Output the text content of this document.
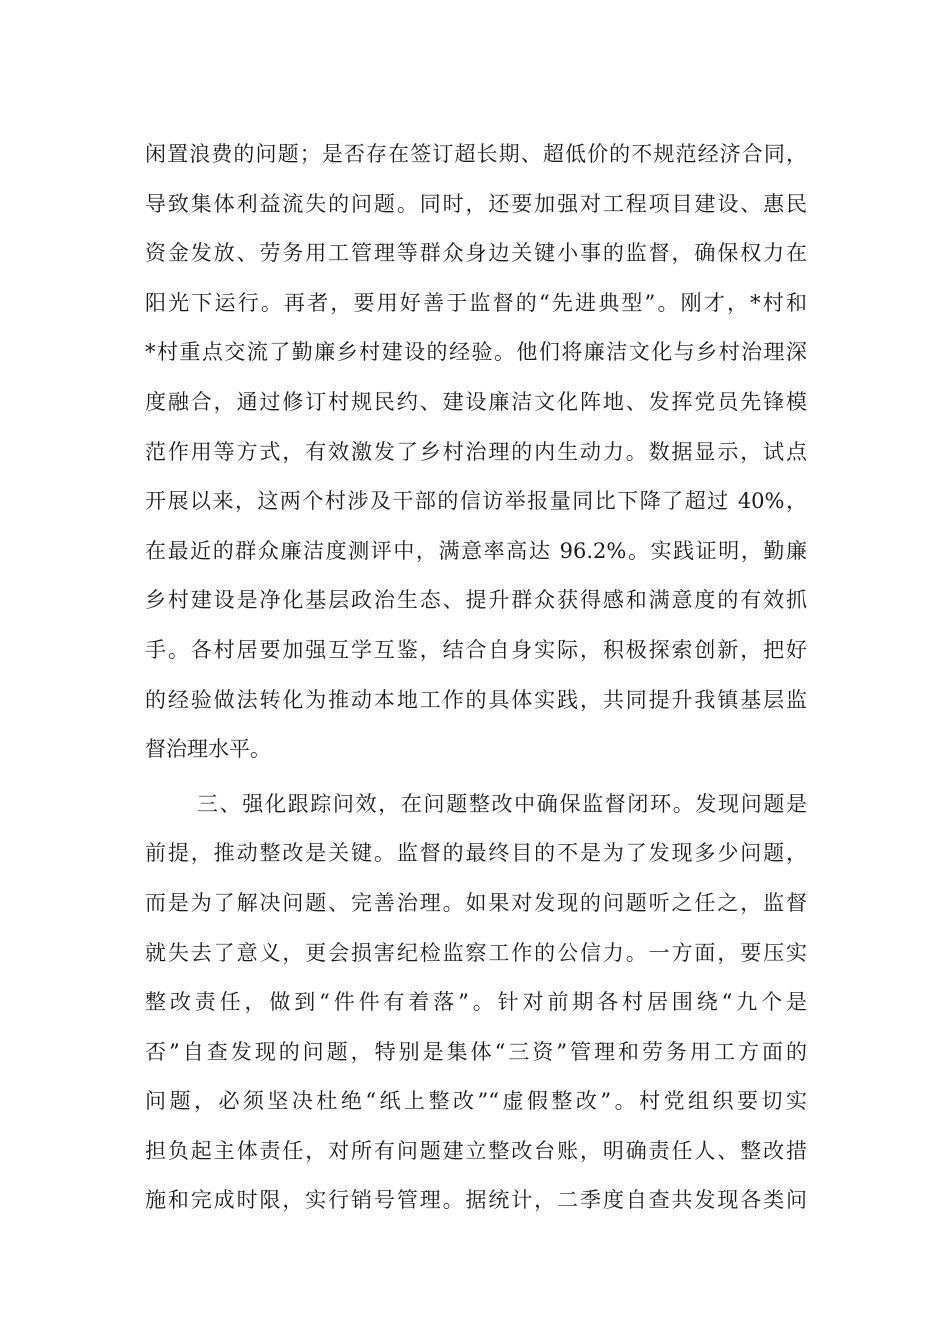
闲置浪费的问题；是否存在签订超长期、超低价的不规范经济合同，
导致集体利益流失的问题。同时，还要加强对工程项目建设、惠民
资金发放、劳务用工管理等群众身边关键小事的监督，确保权力在
阳光下运行。再者，要用好善于监督的“先进典型”。刚才，*村和
*村重点交流了勤廉乡村建设的经验。他们将廉洁文化与乡村治理深
度融合，通过修订村规民约、建设廉洁文化阵地、发挥党员先锋模
范作用等方式，有效激发了乡村治理的内生动力。数据显示，试点
开展以来，这两个村涉及干部的信访举报量同比下降了超过 40%，
在最近的群众廉洁度测评中，满意率高达 96.2%。实践证明，勤廉
乡村建设是净化基层政治生态、提升群众获得感和满意度的有效抓
手。各村居要加强互学互鉴，结合自身实际，积极探索创新，把好
的经验做法转化为推动本地工作的具体实践，共同提升我镇基层监
督治理水平。
三、强化跟踪问效，在问题整改中确保监督闭环。发现问题是
前提，推动整改是关键。监督的最终目的不是为了发现多少问题，
而是为了解决问题、完善治理。如果对发现的问题听之任之，监督
就失去了意义，更会损害纪检监察工作的公信力。一方面，要压实
整改责任，做到“件件有着落”。针对前期各村居围绕“九个是
否”自查发现的问题，特别是集体“三资”管理和劳务用工方面的
问题，必须坚决杜绝“纸上整改”“虚假整改”。村党组织要切实
担负起主体责任，对所有问题建立整改台账，明确责任人、整改措
施和完成时限，实行销号管理。据统计，二季度自查共发现各类问
